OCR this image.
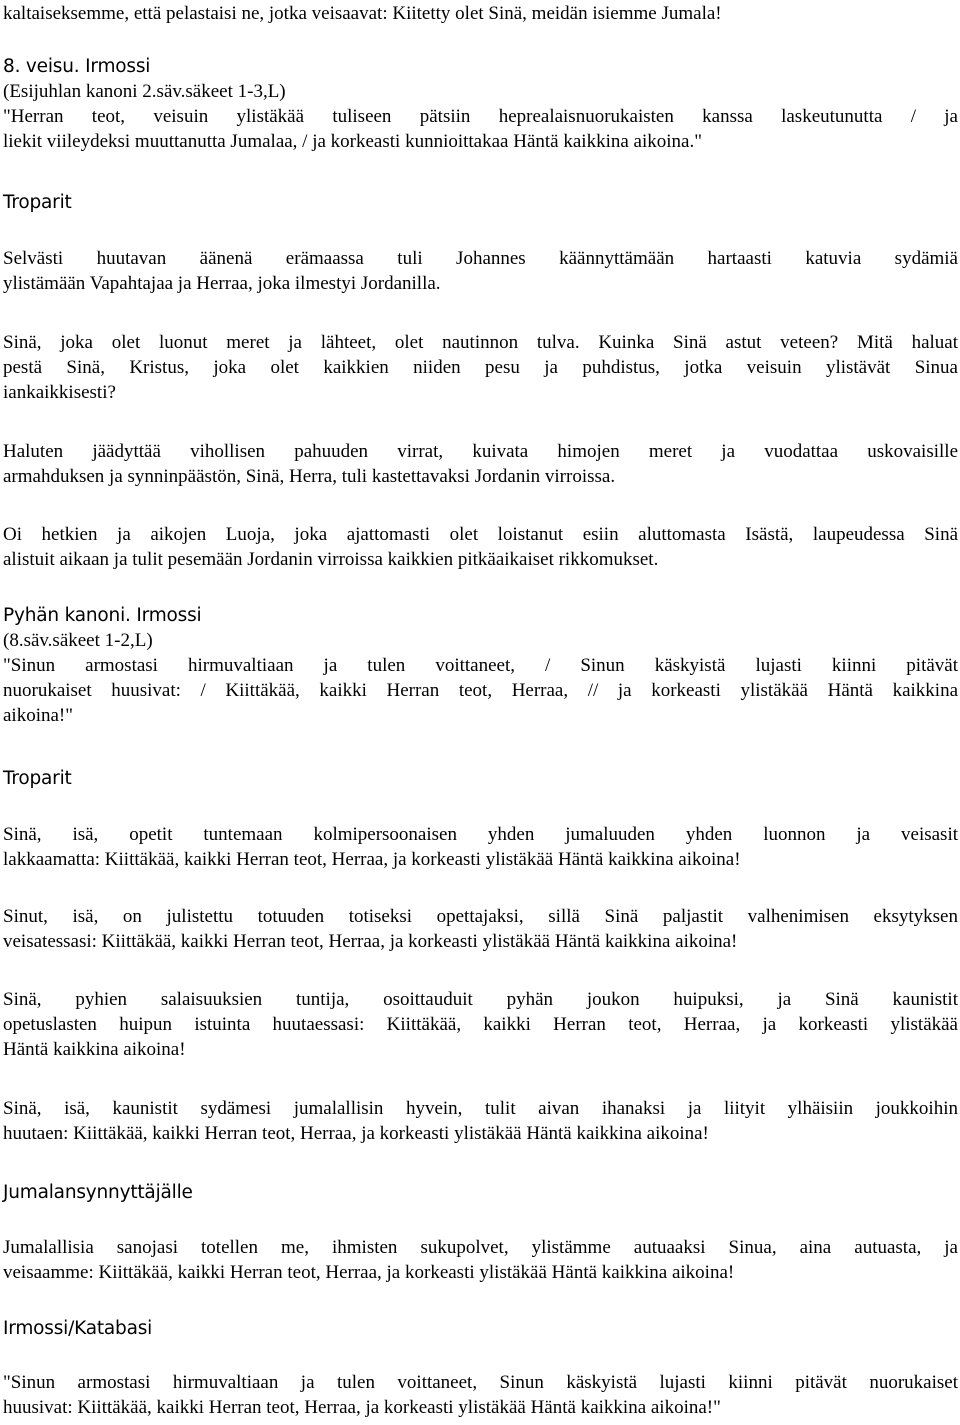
kaltaiseksemme, että pelastaisi ne, jotka veisaavat: Kiitetty olet Sinä, meidän isiemme Jumala!
8. veisu. Irmossi
(Esijuhlan kanoni 2.säv.säkeet 1-3,L)
"Herran teot, veisuin ylistäkää tuliseen pätsiin heprealaisnuorukaisten kanssa laskeutunutta / ja
liekit viileydeksi muuttanutta Jumalaa, / ja korkeasti kunnioittakaa Häntä kaikkina aikoina."
Troparit
Selvästi huutavan äänenä erämaassa tuli Johannes käännyttämään hartaasti katuvia sydämiä
ylistämään Vapahtajaa ja Herraa, joka ilmestyi Jordanilla.
Sinä, joka olet luonut meret ja lähteet, olet nautinnon tulva. Kuinka Sinä astut veteen? Mitä haluat
pestä Sinä, Kristus, joka olet kaikkien niiden pesu ja puhdistus, jotka veisuin ylistävät Sinua
iankaikkisesti?
Haluten jäädyttää vihollisen pahuuden virrat, kuivata himojen meret ja vuodattaa uskovaisille
armahduksen ja synninpäästön, Sinä, Herra, tuli kastettavaksi Jordanin virroissa.
Oi hetkien ja aikojen Luoja, joka ajattomasti olet loistanut esiin aluttomasta Isästä, laupeudessa Sinä
alistuit aikaan ja tulit pesemään Jordanin virroissa kaikkien pitkäaikaiset rikkomukset.
Pyhän kanoni. Irmossi
(8.säv.säkeet 1-2,L)
"Sinun armostasi hirmuvaltiaan ja tulen voittaneet, / Sinun käskyistä lujasti kiinni pitävät
nuorukaiset huusivat: / Kiittäkää, kaikki Herran teot, Herraa, // ja korkeasti ylistäkää Häntä kaikkina
aikoina!"
Troparit
Sinä, isä, opetit tuntemaan kolmipersoonaisen yhden jumaluuden yhden luonnon ja veisasit
lakkaamatta: Kiittäkää, kaikki Herran teot, Herraa, ja korkeasti ylistäkää Häntä kaikkina aikoina!
Sinut, isä, on julistettu totuuden totiseksi opettajaksi, sillä Sinä paljastit valhenimisen eksytyksen
veisatessasi: Kiittäkää, kaikki Herran teot, Herraa, ja korkeasti ylistäkää Häntä kaikkina aikoina!
Sinä, pyhien salaisuuksien tuntija, osoittauduit pyhän joukon huipuksi, ja Sinä kaunistit
opetuslasten huipun istuinta huutaessasi: Kiittäkää, kaikki Herran teot, Herraa, ja korkeasti ylistäkää
Häntä kaikkina aikoina!
Sinä, isä, kaunistit sydämesi jumalallisin hyvein, tulit aivan ihanaksi ja liityit ylhäisiin joukkoihin
huutaen: Kiittäkää, kaikki Herran teot, Herraa, ja korkeasti ylistäkää Häntä kaikkina aikoina!
Jumalansynnyttäjälle
Jumalallisia sanojasi totellen me, ihmisten sukupolvet, ylistämme autuaaksi Sinua, aina autuasta, ja
veisaamme: Kiittäkää, kaikki Herran teot, Herraa, ja korkeasti ylistäkää Häntä kaikkina aikoina!
Irmossi/Katabasi
"Sinun armostasi hirmuvaltiaan ja tulen voittaneet, Sinun käskyistä lujasti kiinni pitävät nuorukaiset
huusivat: Kiittäkää, kaikki Herran teot, Herraa, ja korkeasti ylistäkää Häntä kaikkina aikoina!"
